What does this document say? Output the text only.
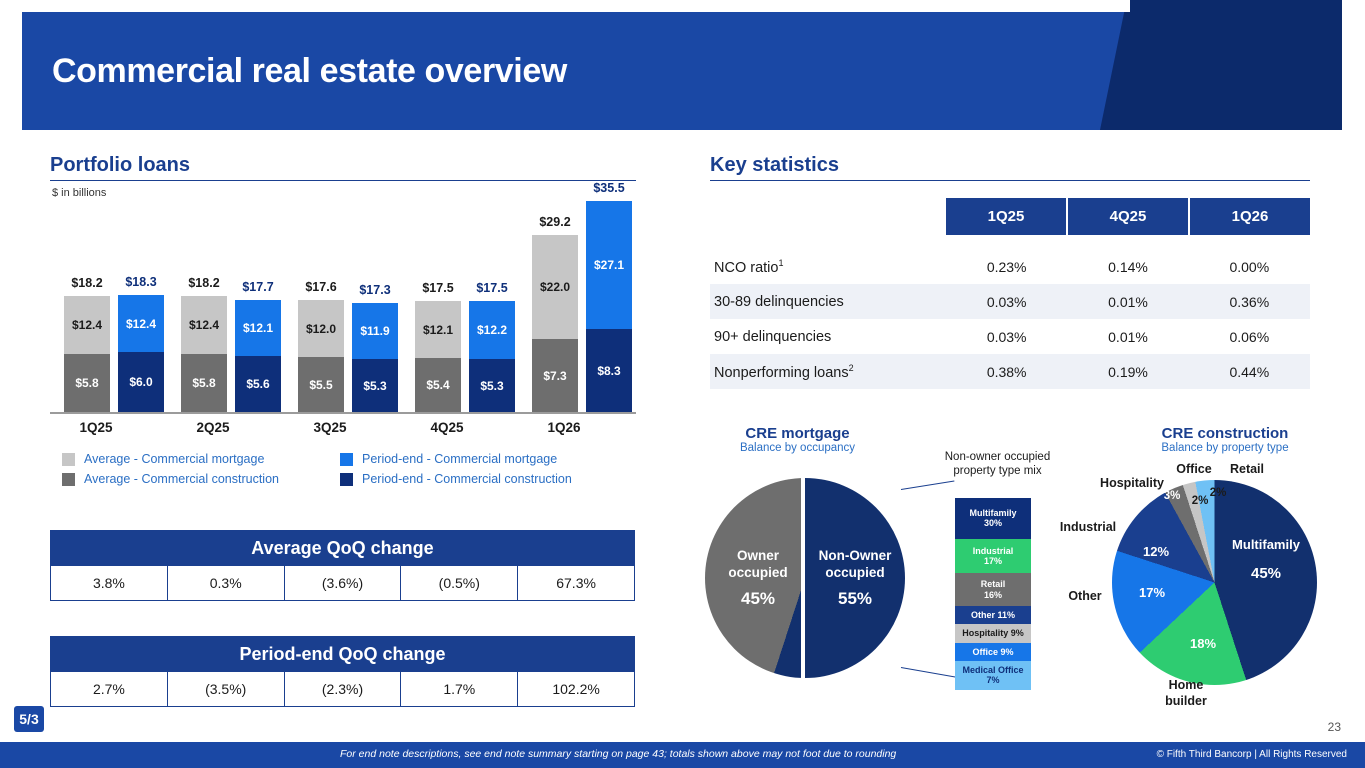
Commercial real estate overview
Portfolio loans
$ in billions
$12.4
$5.8
$18.2
$12.4
$6.0
$18.3
$12.4
$5.8
$18.2
$12.1
$5.6
$17.7
$12.0
$5.5
$17.6
$11.9
$5.3
$17.3
$12.1
$5.4
$17.5
$12.2
$5.3
$17.5	$22.0
$7.3
$29.2
$27.1
$8.3
$35.5
1Q25	2Q25	3Q25	4Q25	1Q26
Average - Commercial mortgage	Period-end - Commercial mortgage
Average - Commercial construction	Period-end - Commercial construction
Average QoQ change
3.8%	0.3%	(3.6%)	(0.5%)	67.3%
Period-end QoQ change
2.7%	(3.5%)	(2.3%)	1.7%	102.2%
Key statistics
1Q25	4Q25	1Q26
NCO ratio$^1$	0.23%	0.14%	0.00%
30-89 delinquencies	0.03%	0.01%	0.36%
90+ delinquencies	0.03%	0.01%	0.06%
Nonperforming loans$^2$	0.38%	0.19%	0.44%
CRE mortgage
Balance by occupancy
Owner
occupied
45%
Non-Owner
occupied
55%
Non-owner occupied
property type mix
Multifamily
30%
Industrial
17%
Retail
16%
Other 11%
Hospitality 9%
Office 9%
Medical Office 7%
CRE construction
Balance by property type
Multifamily
45%
18%
Home
builder
17%
Other
12%
Industrial
3%
Hospitality
2%
Office
2%
Retail
23
5/3
For end note descriptions, see end note summary starting on page 43; totals shown above may not foot due to rounding	© Fifth Third Bancorp | All Rights Reserved
